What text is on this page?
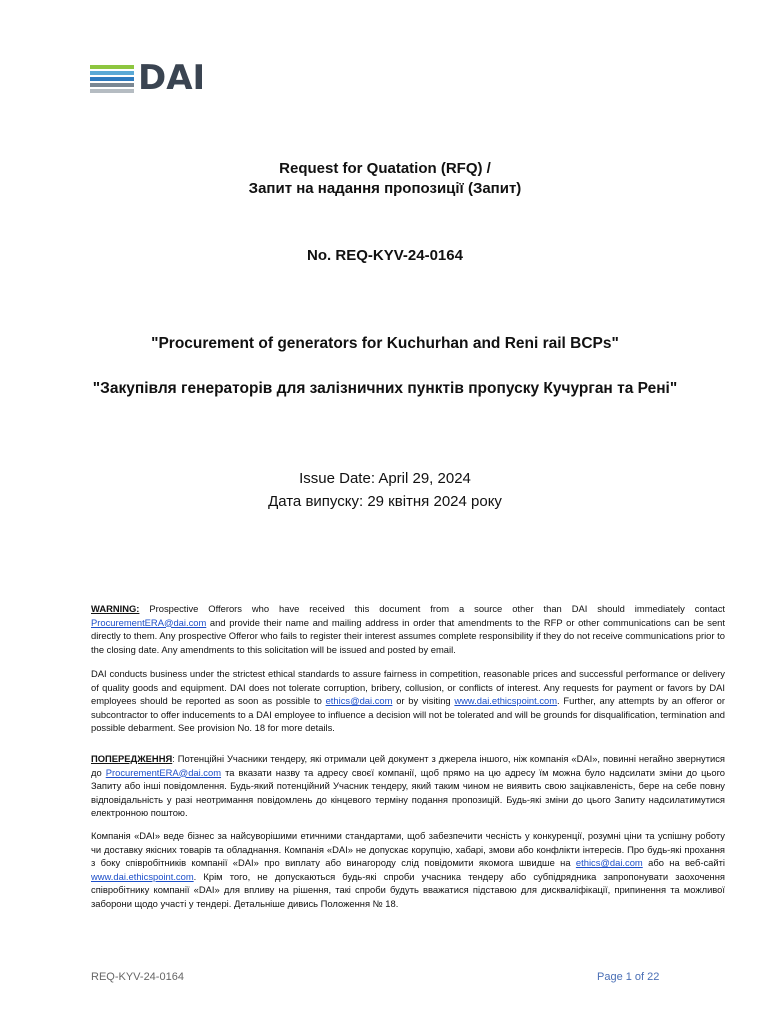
DAI
Request for Quatation (RFQ) /
Запит на надання пропозиції (Запит)
No. REQ-KYV-24-0164
"Procurement of generators for Kuchurhan and Reni rail BCPs"
"Закупівля генераторів для залізничних пунктів пропуску Кучурган та Рені"
Issue Date: April 29, 2024
Дата випуску: 29 квітня 2024 року

WARNING: Prospective Offerors who have received this document from a source other than DAI should immediately contact ProcurementERA@dai.com and provide their name and mailing address in order that amendments to the RFP or other communications can be sent directly to them. Any prospective Offeror who fails to register their interest assumes complete responsibility if they do not receive communications prior to the closing date. Any amendments to this solicitation will be issued and posted by email.

DAI conducts business under the strictest ethical standards to assure fairness in competition, reasonable prices and successful performance or delivery of quality goods and equipment. DAI does not tolerate corruption, bribery, collusion, or conflicts of interest. Any requests for payment or favors by DAI employees should be reported as soon as possible to ethics@dai.com or by visiting www.dai.ethicspoint.com. Further, any attempts by an offeror or subcontractor to offer inducements to a DAI employee to influence a decision will not be tolerated and will be grounds for disqualification, termination and possible debarment. See provision No. 18 for more details.

ПОПЕРЕДЖЕННЯ: Потенційні Учасники тендеру, які отримали цей документ з джерела іншого, ніж компанія «DAI», повинні негайно звернутися до ProcurementERA@dai.com та вказати назву та адресу своєї компанії, щоб прямо на цю адресу їм можна було надсилати зміни до цього Запиту або інші повідомлення. Будь-який потенційний Учасник тендеру, який таким чином не виявить свою зацікавленість, бере на себе повну відповідальність у разі неотримання повідомлень до кінцевого терміну подання пропозицій. Будь-які зміни до цього Запиту надсилатимутися електронною поштою.

Компанія «DAI» веде бізнес за найсуворішими етичними стандартами, щоб забезпечити чесність у конкуренції, розумні ціни та успішну роботу чи доставку якісних товарів та обладнання. Компанія «DAI» не допускає корупцію, хабарі, змови або конфлікти інтересів. Про будь-які прохання з боку співробітників компанії «DAI» про виплату або винагороду слід повідомити якомога швидше на ethics@dai.com або на веб-сайті www.dai.ethicspoint.com. Крім того, не допускаються будь-які спроби учасника тендеру або субпідрядника запропонувати заохочення співробітнику компанії «DAI» для впливу на рішення, такі спроби будуть вважатися підставою для дискваліфікації, припинення та можливої заборони щодо участі у тендері. Детальніше дивись Положення № 18.

REQ-KYV-24-0164	Page 1 of 22
